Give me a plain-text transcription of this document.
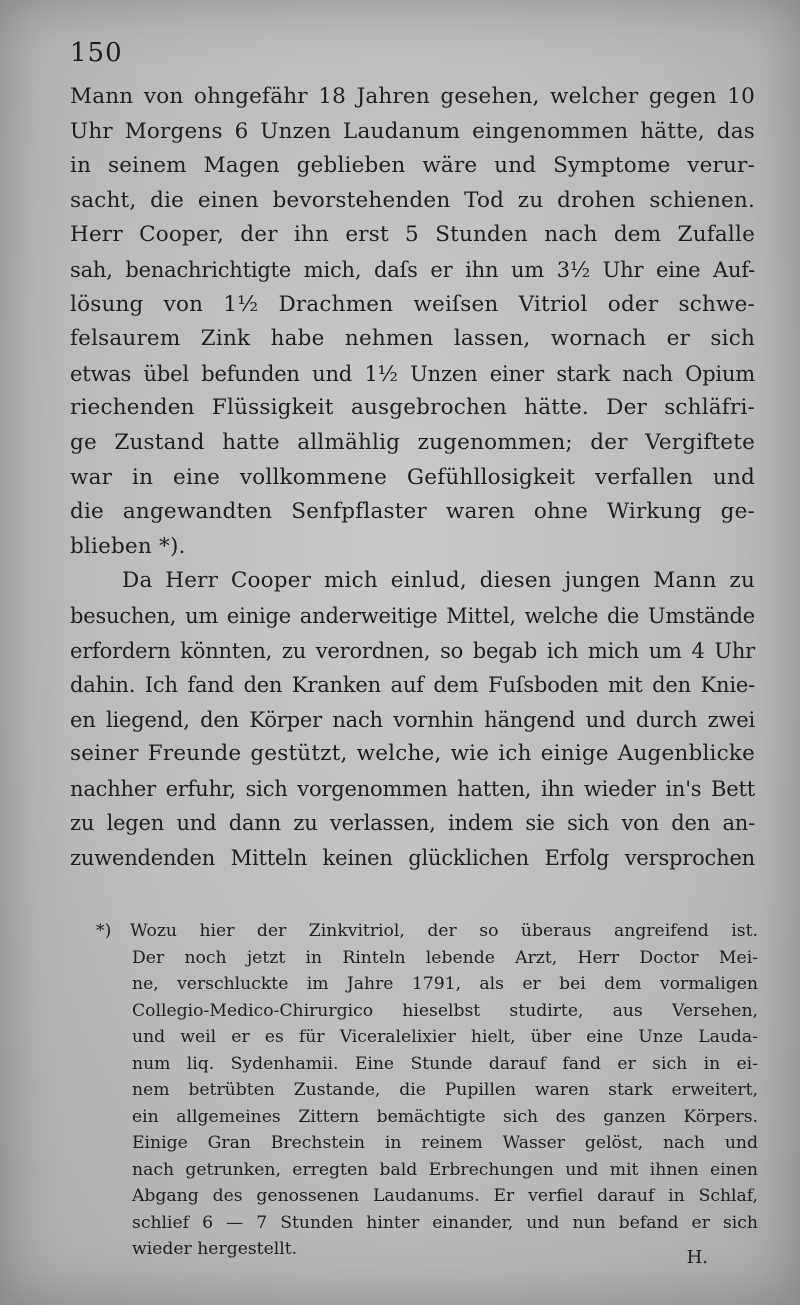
150
Mann von ohngefähr 18 Jahren gesehen, welcher gegen 10
Uhr Morgens 6 Unzen Laudanum eingenommen hätte, das
in seinem Magen geblieben wäre und Symptome verur-
sacht, die einen bevorstehenden Tod zu drohen schienen.
Herr Cooper, der ihn erst 5 Stunden nach dem Zufalle
sah, benachrichtigte mich, daſs er ihn um 3½ Uhr eine Auf-
lösung von 1½ Drachmen weiſsen Vitriol oder schwe-
felsaurem Zink habe nehmen lassen, wornach er sich
etwas übel befunden und 1½ Unzen einer stark nach Opium
riechenden Flüssigkeit ausgebrochen hätte. Der schläfri-
ge Zustand hatte allmählig zugenommen; der Vergiftete
war in eine vollkommene Gefühllosigkeit verfallen und
die angewandten Senfpflaster waren ohne Wirkung ge-
blieben *).
Da Herr Cooper mich einlud, diesen jungen Mann zu
besuchen, um einige anderweitige Mittel, welche die Umstände
erfordern könnten, zu verordnen, so begab ich mich um 4 Uhr
dahin. Ich fand den Kranken auf dem Fuſsboden mit den Knie-
en liegend, den Körper nach vornhin hängend und durch zwei
seiner Freunde gestützt, welche, wie ich einige Augenblicke
nachher erfuhr, sich vorgenommen hatten, ihn wieder in's Bett
zu legen und dann zu verlassen, indem sie sich von den an-
zuwendenden Mitteln keinen glücklichen Erfolg versprochen
*) Wozu hier der Zinkvitriol, der so überaus angreifend ist.
Der noch jetzt in Rinteln lebende Arzt, Herr Doctor Mei-
ne, verschluckte im Jahre 1791, als er bei dem vormaligen
Collegio-Medico-Chirurgico hieselbst studirte, aus Versehen,
und weil er es für Viceralelixier hielt, über eine Unze Lauda-
num liq. Sydenhamii. Eine Stunde darauf fand er sich in ei-
nem betrübten Zustande, die Pupillen waren stark erweitert,
ein allgemeines Zittern bemächtigte sich des ganzen Körpers.
Einige Gran Brechstein in reinem Wasser gelöst, nach und
nach getrunken, erregten bald Erbrechungen und mit ihnen einen
Abgang des genossenen Laudanums. Er verfiel darauf in Schlaf,
schlief 6 — 7 Stunden hinter einander, und nun befand er sich
wieder hergestellt.	H.
